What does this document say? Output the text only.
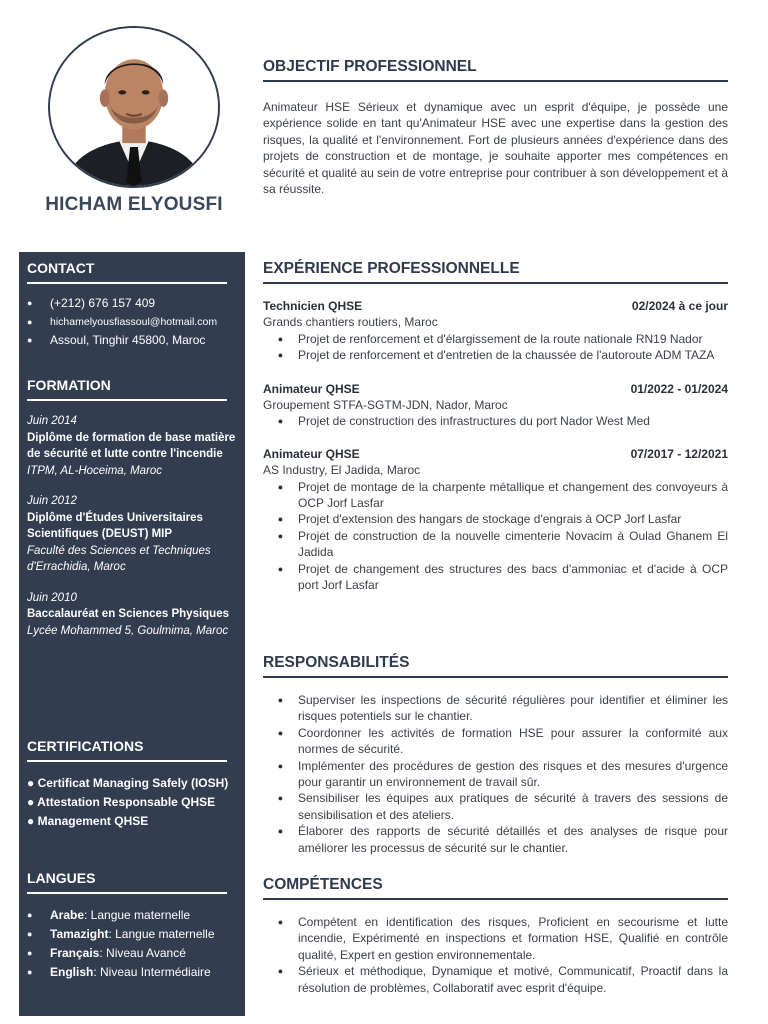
HICHAM ELYOUSFI
CONTACT
●	(+212) 676 157 409
●	hichamelyousfiassoul@hotmail.com
●	Assoul, Tinghir 45800, Maroc
FORMATION
Juin 2014
Diplôme de formation de base matière de sécurité et lutte contre l'incendie
ITPM, AL-Hoceima, Maroc
Juin 2012
Diplôme d'Études Universitaires Scientifiques (DEUST) MIP
Faculté des Sciences et Techniques d'Errachidia, Maroc
Juin 2010
Baccalauréat en Sciences Physiques
Lycée Mohammed 5, Goulmima, Maroc
CERTIFICATIONS
● Certificat Managing Safely (IOSH)
● Attestation Responsable QHSE
● Management QHSE
LANGUES
●	Arabe : Langue maternelle
●	Tamazight : Langue maternelle
●	Français : Niveau Avancé
●	English : Niveau Intermédiaire
OBJECTIF PROFESSIONNEL
Animateur HSE Sérieux et dynamique avec un esprit d'équipe, je possède une expérience solide en tant qu'Animateur HSE avec une expertise dans la gestion des risques, la qualité et l'environnement. Fort de plusieurs années d'expérience dans des projets de construction et de montage, je souhaite apporter mes compétences en sécurité et qualité au sein de votre entreprise pour contribuer à son développement et à sa réussite.
EXPÉRIENCE PROFESSIONNELLE
Technicien QHSE	02/2024 à ce jour
Grands chantiers routiers, Maroc
●	Projet de renforcement et d'élargissement de la route nationale RN19 Nador
●	Projet de renforcement et d'entretien de la chaussée de l'autoroute ADM TAZA
Animateur QHSE	01/2022 - 01/2024
Groupement STFA-SGTM-JDN, Nador, Maroc
●	Projet de construction des infrastructures du port Nador West Med
Animateur QHSE	07/2017 - 12/2021
AS Industry, El Jadida, Maroc
●	Projet de montage de la charpente métallique et changement des convoyeurs à OCP Jorf Lasfar
●	Projet d'extension des hangars de stockage d'engrais à OCP Jorf Lasfar
●	Projet de construction de la nouvelle cimenterie Novacim à Oulad Ghanem El Jadida
●	Projet de changement des structures des bacs d'ammoniac et d'acide à OCP port Jorf Lasfar
RESPONSABILITÉS
●	Superviser les inspections de sécurité régulières pour identifier et éliminer les risques potentiels sur le chantier.
●	Coordonner les activités de formation HSE pour assurer la conformité aux normes de sécurité.
●	Implémenter des procédures de gestion des risques et des mesures d'urgence pour garantir un environnement de travail sûr.
●	Sensibiliser les équipes aux pratiques de sécurité à travers des sessions de sensibilisation et des ateliers.
●	Élaborer des rapports de sécurité détaillés et des analyses de risque pour améliorer les processus de sécurité sur le chantier.
COMPÉTENCES
●	Compétent en identification des risques, Proficient en secourisme et lutte incendie, Expérimenté en inspections et formation HSE, Qualifié en contrôle qualité, Expert en gestion environnementale.
●	Sérieux et méthodique, Dynamique et motivé, Communicatif, Proactif dans la résolution de problèmes, Collaboratif avec esprit d'équipe.
